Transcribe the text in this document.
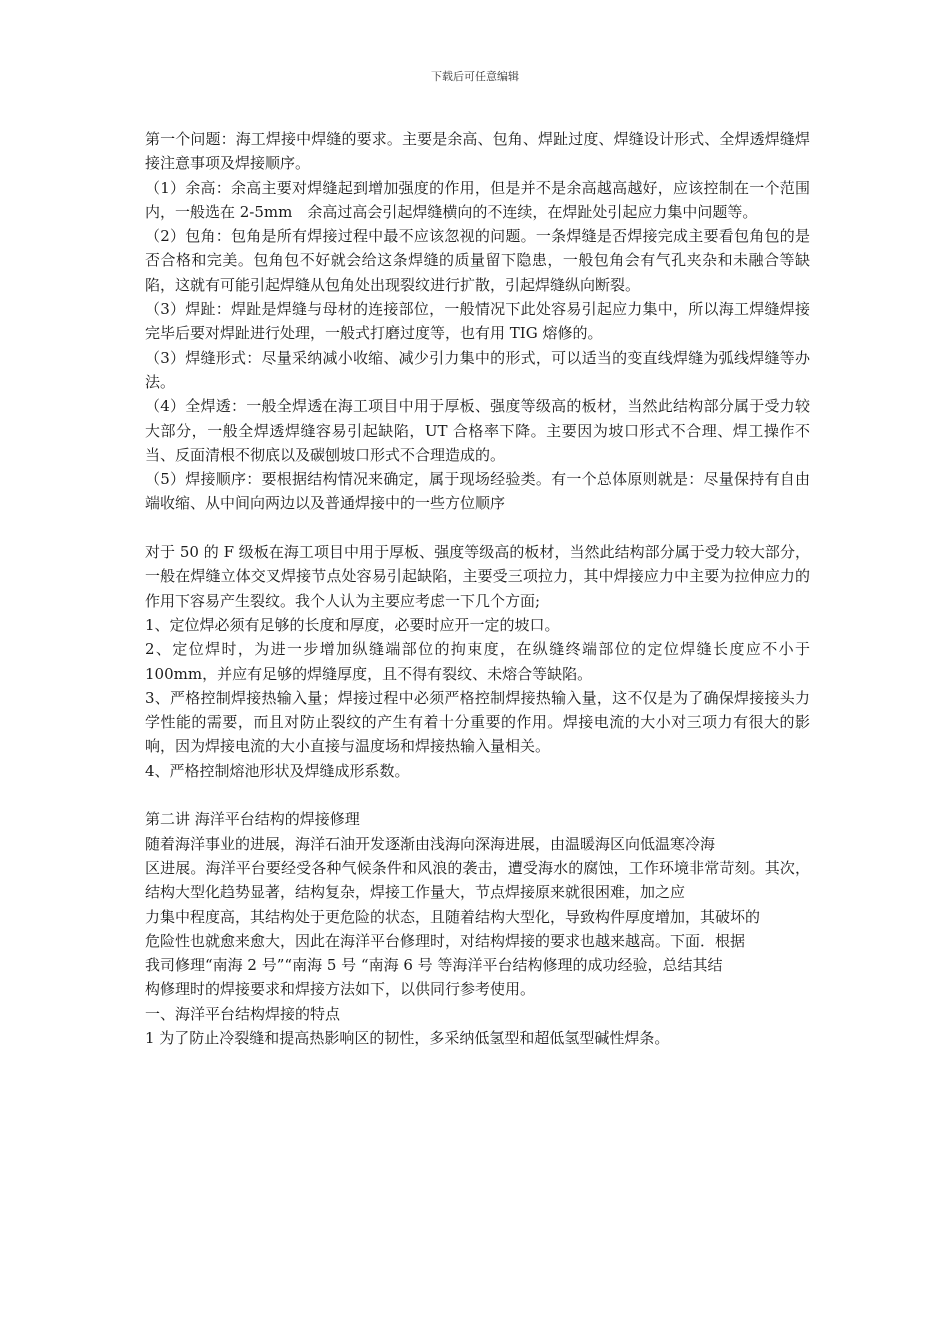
下载后可任意编辑

第一个问题：海工焊接中焊缝的要求。主要是余高、包角、焊趾过度、焊缝设计形式、全焊透焊缝焊接注意事项及焊接顺序。

（1）余高：余高主要对焊缝起到增加强度的作用，但是并不是余高越高越好，应该控制在一个范围内，一般选在 2-5mm　余高过高会引起焊缝横向的不连续，在焊趾处引起应力集中问题等。

（2）包角：包角是所有焊接过程中最不应该忽视的问题。一条焊缝是否焊接完成主要看包角包的是否合格和完美。包角包不好就会给这条焊缝的质量留下隐患，一般包角会有气孔夹杂和未融合等缺陷，这就有可能引起焊缝从包角处出现裂纹进行扩散，引起焊缝纵向断裂。

（3）焊趾：焊趾是焊缝与母材的连接部位，一般情况下此处容易引起应力集中，所以海工焊缝焊接完毕后要对焊趾进行处理，一般式打磨过度等，也有用 TIG 熔修的。

（3）焊缝形式：尽量采纳减小收缩、减少引力集中的形式，可以适当的变直线焊缝为弧线焊缝等办法。

（4）全焊透：一般全焊透在海工项目中用于厚板、强度等级高的板材，当然此结构部分属于受力较大部分，一般全焊透焊缝容易引起缺陷，UT 合格率下降。主要因为坡口形式不合理、焊工操作不当、反面清根不彻底以及碳刨坡口形式不合理造成的。

（5）焊接顺序：要根据结构情况来确定，属于现场经验类。有一个总体原则就是：尽量保持有自由端收缩、从中间向两边以及普通焊接中的一些方位顺序

对于 50 的 F 级板在海工项目中用于厚板、强度等级高的板材，当然此结构部分属于受力较大部分，一般在焊缝立体交叉焊接节点处容易引起缺陷，主要受三项拉力，其中焊接应力中主要为拉伸应力的作用下容易产生裂纹。我个人认为主要应考虑一下几个方面;

1、定位焊必须有足够的长度和厚度，必要时应开一定的坡口。

2、定位焊时，为进一步增加纵缝端部位的拘束度，在纵缝终端部位的定位焊缝长度应不小于 100mm，并应有足够的焊缝厚度，且不得有裂纹、未熔合等缺陷。

3、严格控制焊接热输入量；焊接过程中必须严格控制焊接热输入量，这不仅是为了确保焊接接头力学性能的需要，而且对防止裂纹的产生有着十分重要的作用。焊接电流的大小对三项力有很大的影响，因为焊接电流的大小直接与温度场和焊接热输入量相关。

4、严格控制熔池形状及焊缝成形系数。

第二讲 海洋平台结构的焊接修理

随着海洋事业的进展，海洋石油开发逐渐由浅海向深海进展，由温暖海区向低温寒冷海

区进展。海洋平台要经受各种气候条件和风浪的袭击，遭受海水的腐蚀，工作环境非常苛刻。其次，结构大型化趋势显著，结构复杂，焊接工作量大，节点焊接原来就很困难，加之应

力集中程度高，其结构处于更危险的状态，且随着结构大型化，导致构件厚度增加，其破坏的

危险性也就愈来愈大，因此在海洋平台修理时，对结构焊接的要求也越来越高。下面．根据

我司修理“南海 2 号”“南海 5 号 “南海 6 号 等海洋平台结构修理的成功经验，总结其结

构修理时的焊接要求和焊接方法如下，以供同行参考使用。

一、海洋平台结构焊接的特点

1 为了防止冷裂缝和提高热影响区的韧性，多采纳低氢型和超低氢型碱性焊条。
